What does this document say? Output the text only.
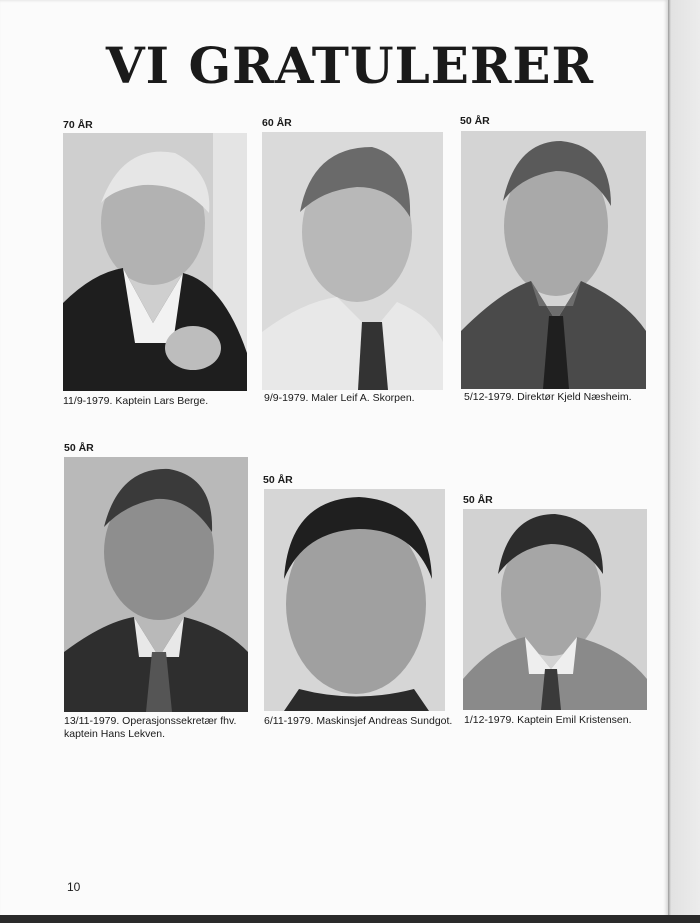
VI GRATULERER
70 ÅR
11/9-1979. Kaptein Lars Berge.
60 ÅR
9/9-1979. Maler Leif A. Skorpen.
50 ÅR
5/12-1979. Direktør Kjeld Næsheim.
50 ÅR
13/11-1979. Operasjonssekretær fhv.
kaptein Hans Lekven.
50 ÅR
6/11-1979. Maskinsjef Andreas Sundgot.
50 ÅR
1/12-1979. Kaptein Emil Kristensen.
10
